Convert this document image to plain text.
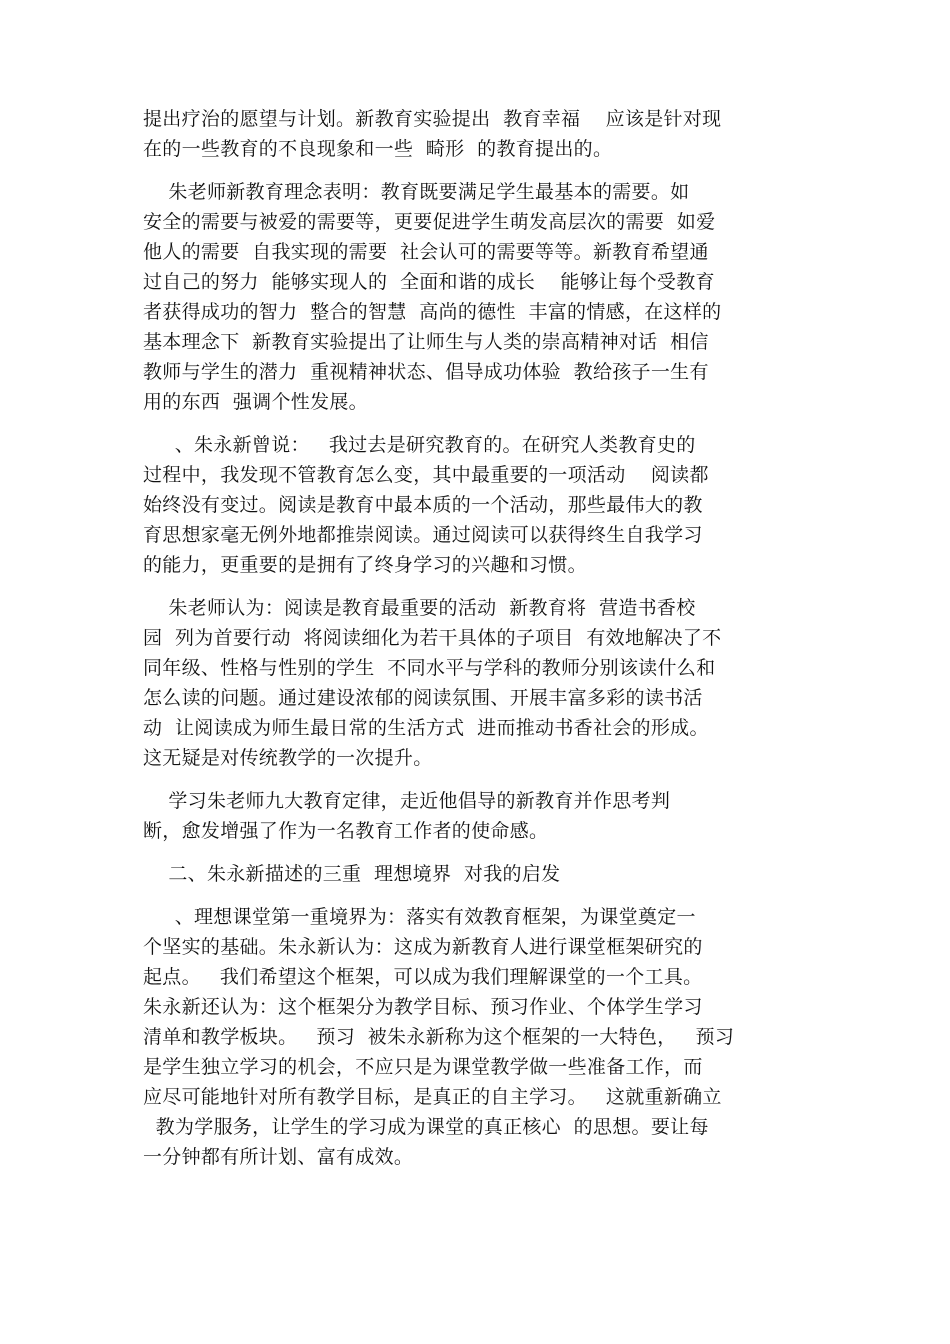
提出疗治的愿望与计划。新教育实验提出  教育幸福    应该是针对现
在的一些教育的不良现象和一些  畸形  的教育提出的。

朱老师新教育理念表明：教育既要满足学生最基本的需要。如
安全的需要与被爱的需要等，更要促进学生萌发高层次的需要  如爱
他人的需要  自我实现的需要  社会认可的需要等等。新教育希望通
过自己的努力  能够实现人的  全面和谐的成长    能够让每个受教育
者获得成功的智力  整合的智慧  高尚的德性  丰富的情感，在这样的
基本理念下  新教育实验提出了让师生与人类的崇高精神对话  相信
教师与学生的潜力  重视精神状态、倡导成功体验  教给孩子一生有
用的东西  强调个性发展。

、朱永新曾说：   我过去是研究教育的。在研究人类教育史的
过程中，我发现不管教育怎么变，其中最重要的一项活动    阅读都
始终没有变过。阅读是教育中最本质的一个活动，那些最伟大的教
育思想家毫无例外地都推崇阅读。通过阅读可以获得终生自我学习
的能力，更重要的是拥有了终身学习的兴趣和习惯。

朱老师认为：阅读是教育最重要的活动  新教育将  营造书香校
园  列为首要行动  将阅读细化为若干具体的子项目  有效地解决了不
同年级、性格与性别的学生  不同水平与学科的教师分别该读什么和
怎么读的问题。通过建设浓郁的阅读氛围、开展丰富多彩的读书活
动  让阅读成为师生最日常的生活方式  进而推动书香社会的形成。
这无疑是对传统教学的一次提升。

学习朱老师九大教育定律，走近他倡导的新教育并作思考判
断，愈发增强了作为一名教育工作者的使命感。

二、朱永新描述的三重  理想境界  对我的启发

、理想课堂第一重境界为：落实有效教育框架，为课堂奠定一
个坚实的基础。朱永新认为：这成为新教育人进行课堂框架研究的
起点。   我们希望这个框架，可以成为我们理解课堂的一个工具。
朱永新还认为：这个框架分为教学目标、预习作业、个体学生学习
清单和教学板块。   预习  被朱永新称为这个框架的一大特色，   预习
是学生独立学习的机会，不应只是为课堂教学做一些准备工作，而
应尽可能地针对所有教学目标，是真正的自主学习。   这就重新确立
教为学服务，让学生的学习成为课堂的真正核心  的思想。要让每
一分钟都有所计划、富有成效。
